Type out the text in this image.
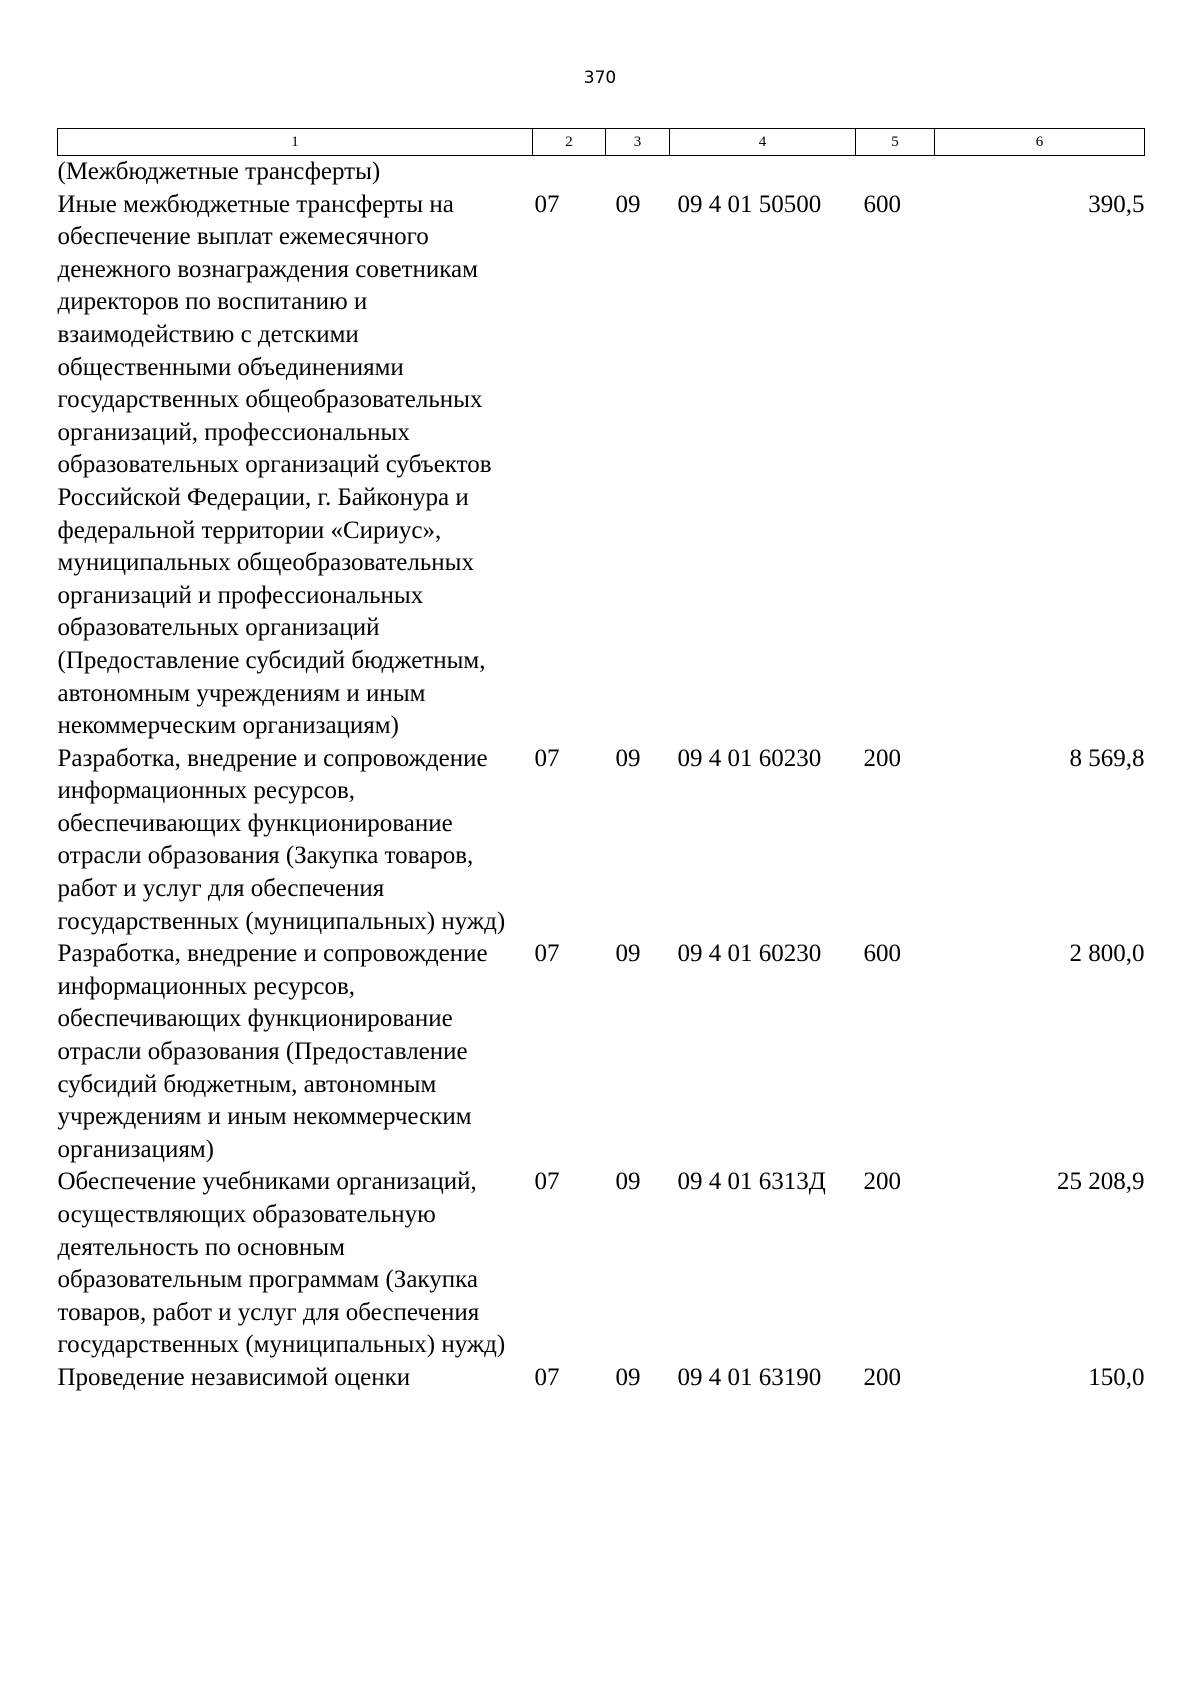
370
1	2	3	4	5	6
(Межбюджетные трансферты)					
Иные межбюджетные трансферты на обеспечение выплат ежемесячного денежного вознаграждения советникам директоров по воспитанию и взаимодействию с детскими общественными объединениями государственных общеобразовательных организаций, профессиональных образовательных организаций субъектов Российской Федерации, г. Байконура и федеральной территории «Сириус», муниципальных общеобразовательных организаций и профессиональных образовательных организаций (Предоставление субсидий бюджетным, автономным учреждениям и иным некоммерческим организациям)	07	09	09 4 01 50500	600	390,5
Разработка, внедрение и сопровождение информационных ресурсов, обеспечивающих функционирование отрасли образования (Закупка товаров, работ и услуг для обеспечения государственных (муниципальных) нужд)	07	09	09 4 01 60230	200	8 569,8
Разработка, внедрение и сопровождение информационных ресурсов, обеспечивающих функционирование отрасли образования (Предоставление субсидий бюджетным, автономным учреждениям и иным некоммерческим организациям)	07	09	09 4 01 60230	600	2 800,0
Обеспечение учебниками организаций, осуществляющих образовательную деятельность по основным образовательным программам (Закупка товаров, работ и услуг для обеспечения государственных (муниципальных) нужд)	07	09	09 4 01 6313Д	200	25 208,9
Проведение независимой оценки	07	09	09 4 01 63190	200	150,0
